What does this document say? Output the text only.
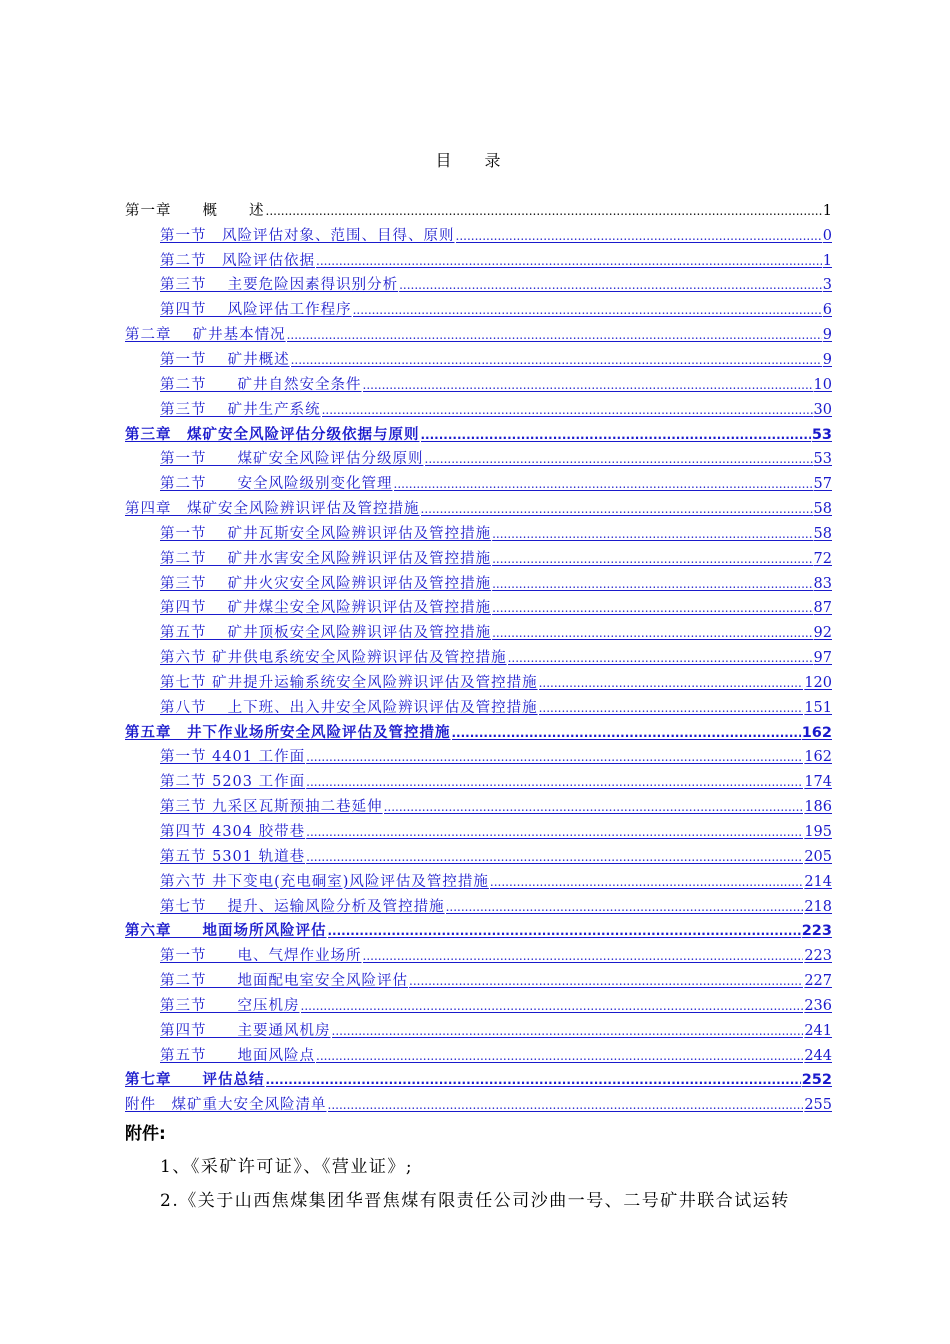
目 录
第一章　　概　　述 .....	1
第一节　风险评估对象、范围、目得、原则 .....	0
第二节　风险评估依据 .....	1
第三节　 主要危险因素得识别分析 .....	3
第四节　 风险评估工作程序 .....	6
第二章　 矿井基本情况 .....	9
第一节　 矿井概述 .....	9
第二节　　矿井自然安全条件 .....	10
第三节　 矿井生产系统 .....	30
第三章　煤矿安全风险评估分级依据与原则 .....	53
第一节　　煤矿安全风险评估分级原则 .....	53
第二节　　安全风险级别变化管理 .....	57
第四章　煤矿安全风险辨识评估及管控措施 .....	58
第一节　 矿井瓦斯安全风险辨识评估及管控措施 .....	58
第二节　 矿井水害安全风险辨识评估及管控措施 .....	72
第三节　 矿井火灾安全风险辨识评估及管控措施 .....	83
第四节　 矿井煤尘安全风险辨识评估及管控措施 .....	87
第五节　 矿井顶板安全风险辨识评估及管控措施 .....	92
第六节 矿井供电系统安全风险辨识评估及管控措施 .....	97
第七节 矿井提升运输系统安全风险辨识评估及管控措施 .....	120
第八节　 上下班、出入井安全风险辨识评估及管控措施 .....	151
第五章　井下作业场所安全风险评估及管控措施 .....	162
第一节 4401 工作面 .....	162
第二节 5203 工作面 .....	174
第三节 九采区瓦斯预抽二巷延伸 .....	186
第四节 4304 胶带巷 .....	195
第五节 5301 轨道巷 .....	205
第六节 井下变电(充电硐室)风险评估及管控措施 .....	214
第七节　 提升、运输风险分析及管控措施 .....	218
第六章　　地面场所风险评估 .....	223
第一节　　电、气焊作业场所 .....	223
第二节　　地面配电室安全风险评估 .....	227
第三节　　空压机房 .....	236
第四节　　主要通风机房 .....	241
第五节　　地面风险点 .....	244
第七章　　评估总结 .....	252
附件　煤矿重大安全风险清单 .....	255
附件:
1、《采矿许可证》、《营业证》;
2.《关于山西焦煤集团华晋焦煤有限责任公司沙曲一号、二号矿井联合试运转
